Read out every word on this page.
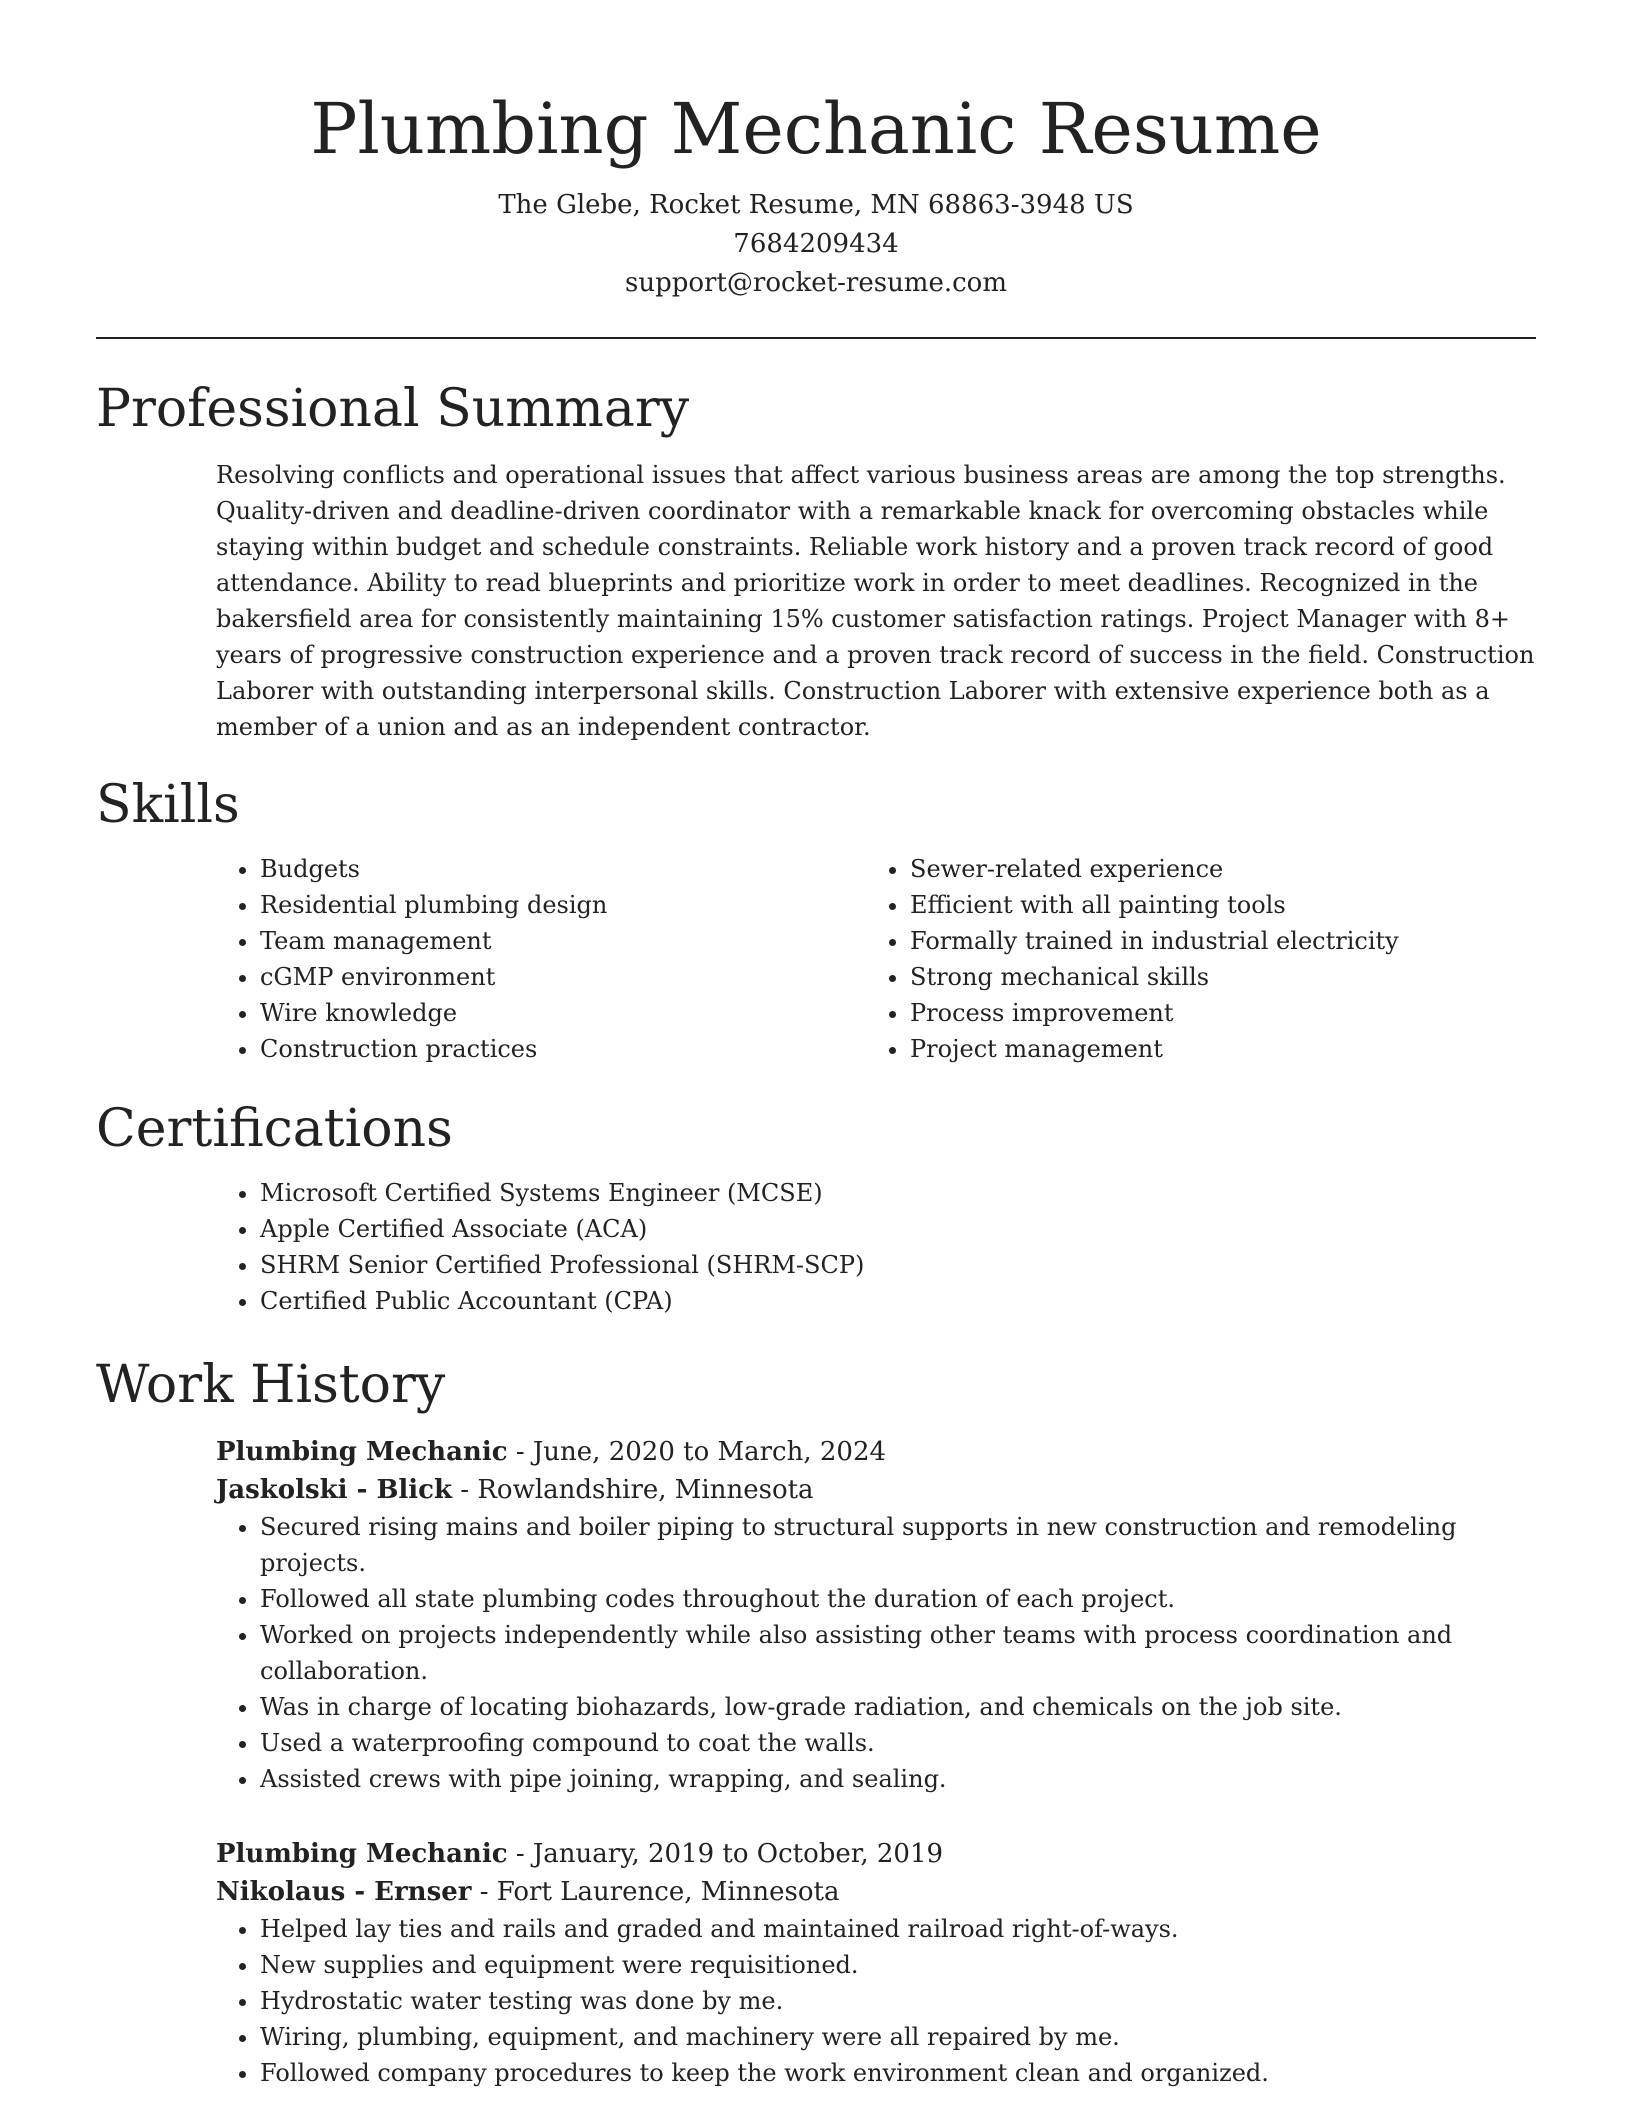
Plumbing Mechanic Resume
The Glebe, Rocket Resume, MN 68863-3948 US
7684209434
support@rocket-resume.com
Professional Summary

Resolving conflicts and operational issues that affect various business areas are among the top strengths. Quality-driven and deadline-driven coordinator with a remarkable knack for overcoming obstacles while staying within budget and schedule constraints. Reliable work history and a proven track record of good attendance. Ability to read blueprints and prioritize work in order to meet deadlines. Recognized in the bakersfield area for consistently maintaining 15% customer satisfaction ratings. Project Manager with 8+ years of progressive construction experience and a proven track record of success in the field. Construction Laborer with outstanding interpersonal skills. Construction Laborer with extensive experience both as a member of a union and as an independent contractor.

Skills
• Budgets
• Residential plumbing design
• Team management
• cGMP environment
• Wire knowledge
• Construction practices
• Sewer-related experience
• Efficient with all painting tools
• Formally trained in industrial electricity
• Strong mechanical skills
• Process improvement
• Project management
Certifications
• Microsoft Certified Systems Engineer (MCSE)
• Apple Certified Associate (ACA)
• SHRM Senior Certified Professional (SHRM-SCP)
• Certified Public Accountant (CPA)
Work History
Plumbing Mechanic - June, 2020 to March, 2024
Jaskolski - Blick - Rowlandshire, Minnesota
• Secured rising mains and boiler piping to structural supports in new construction and remodeling projects.
• Followed all state plumbing codes throughout the duration of each project.
• Worked on projects independently while also assisting other teams with process coordination and collaboration.
• Was in charge of locating biohazards, low-grade radiation, and chemicals on the job site.
• Used a waterproofing compound to coat the walls.
• Assisted crews with pipe joining, wrapping, and sealing.
Plumbing Mechanic - January, 2019 to October, 2019
Nikolaus - Ernser - Fort Laurence, Minnesota
• Helped lay ties and rails and graded and maintained railroad right-of-ways.
• New supplies and equipment were requisitioned.
• Hydrostatic water testing was done by me.
• Wiring, plumbing, equipment, and machinery were all repaired by me.
• Followed company procedures to keep the work environment clean and organized.
